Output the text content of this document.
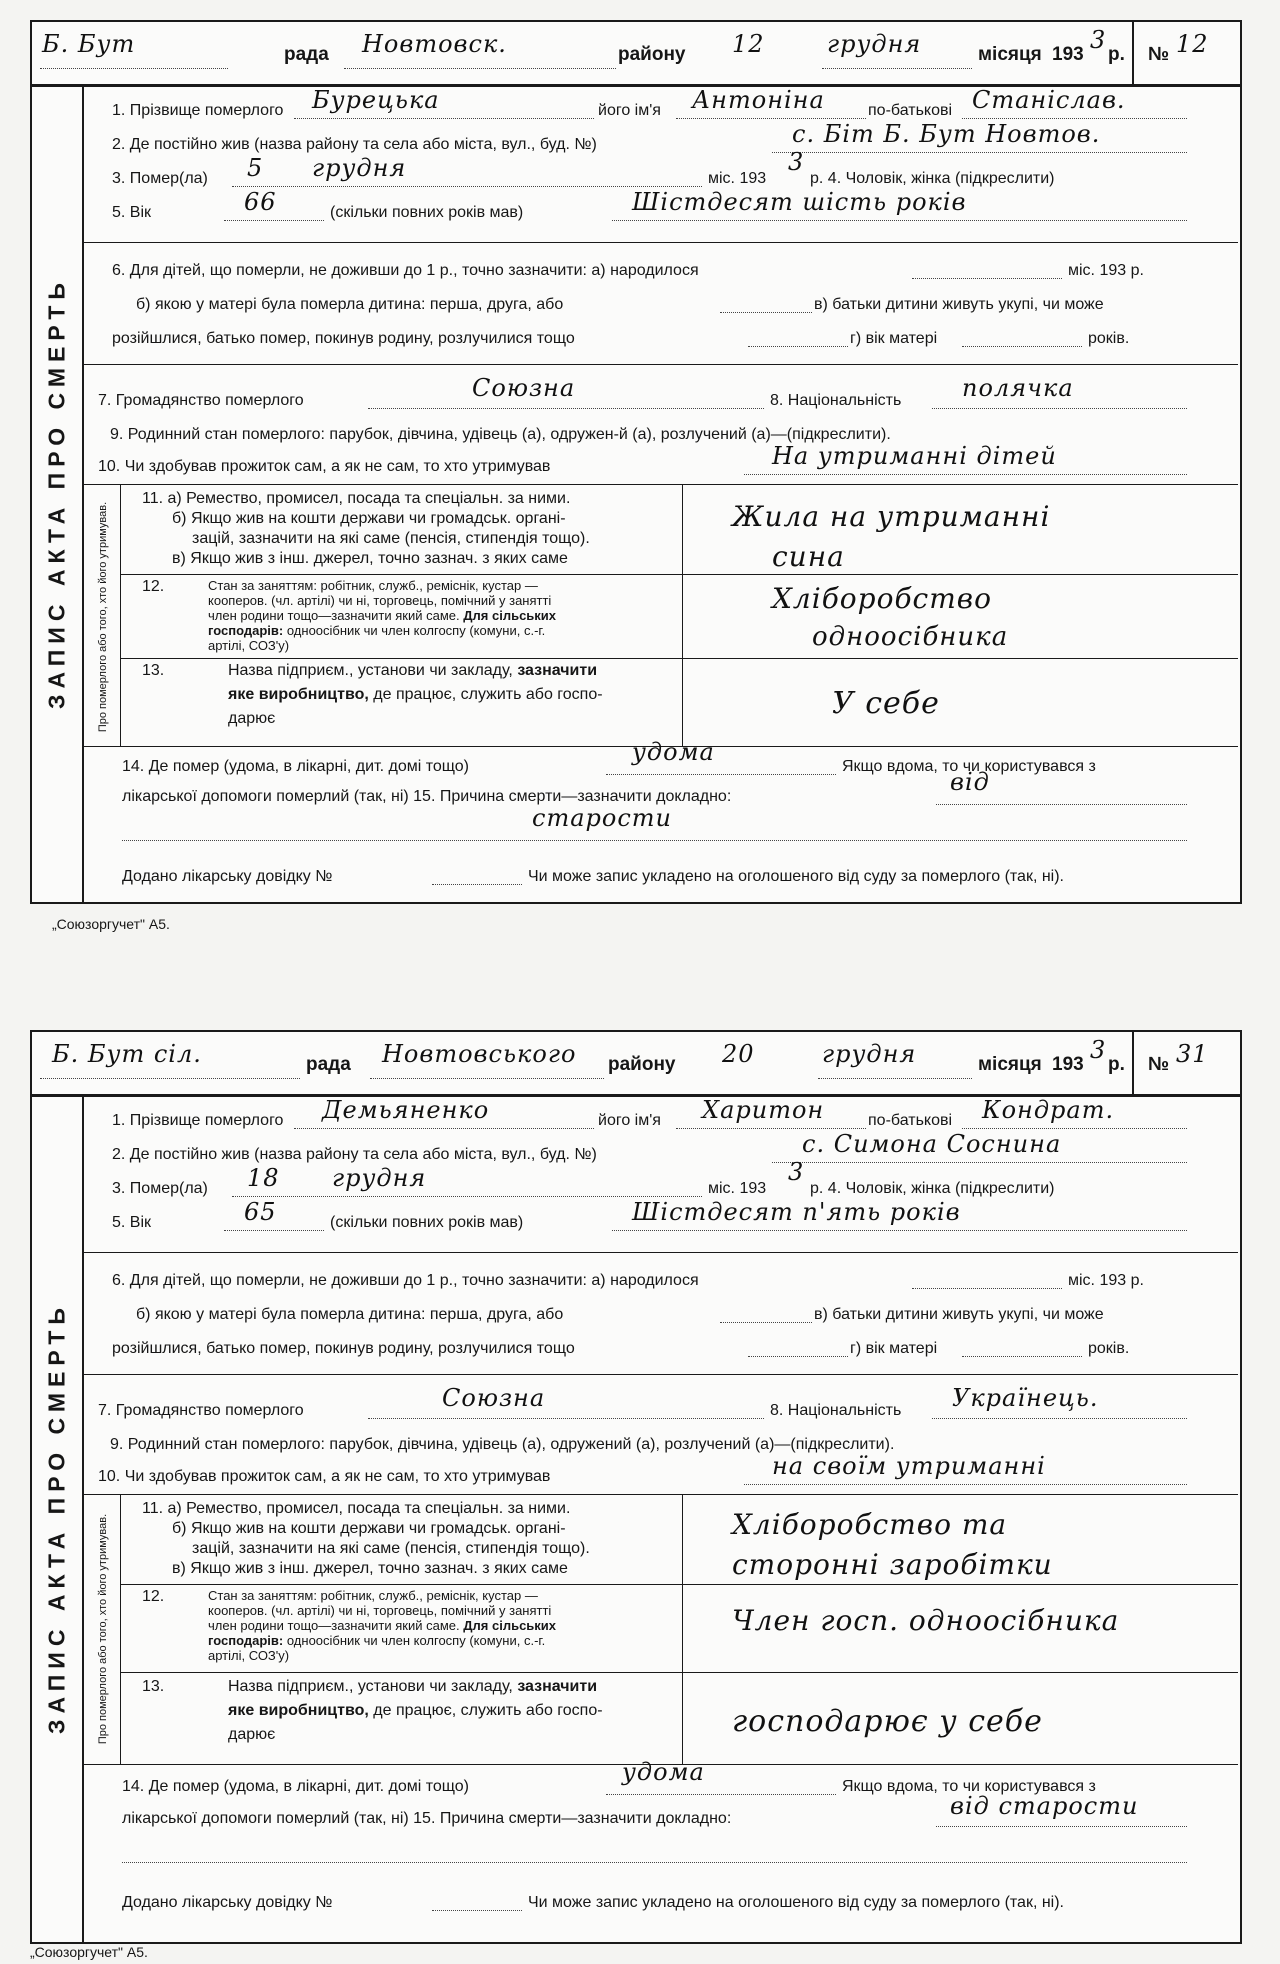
Б. Бут	рада Новтовск.	району 12	грудня	місяця 193
3
р. № 12
ЗАПИС АКТА ПРО СМЕРТЬ
1. Прізвище померлого Бурецька	його ім'я Антоніна	по-батькові Станіслав.
2. Де постійно жив (назва району та села або міста, вул., буд. №)	с. Біт Б. Бут Новтов.
3. Помер(ла) 5 грудня	міс. 193
3
р. 4. Чоловік, жінка (підкреслити)
5. Вік	66	(скільки повних років мав)	Шістдесят шість років
6. Для дітей, що померли, не доживши до 1 р., точно зазначити: а) народилося	міс. 193 р.
б) якою у матері була померла дитина: перша, друга, або	в) батьки дитини живуть укупі, чи може
розійшлися, батько помер, покинув родину, розлучилися тощо	г) вік матері	років.
7. Громадянство померлого	Союзна	8. Національність	полячка
9. Родинний стан померлого: парубок, дівчина, удівець (а), одружен-й (а), розлучений (а)—(підкреслити).
10. Чи здобував прожиток сам, а як не сам, то хто утримував	На утриманні дітей
Про померлого або того, хто його утримував.
11. а) Ремество, промисел, посада та спеціальн. за ними.
б) Якщо жив на кошти держави чи громадськ. органі-
зацій, зазначити на які саме (пенсія, стипендія тощо).
в) Якщо жив з інш. джерел, точно зазнач. з яких саме
Жила на утриманні
сина
12.	Стан за заняттям: робітник, служб., реміснік, кустар —
кооперов. (чл. артілі) чи ні, торговець, помічний у занятті
член родини тощо—зазначити який саме. Для сільських
господарів: одноосібник чи член колгоспу (комуни, с.-г.
артілі, СОЗ'у)
Хліборобство
одноосібника
13.	Назва підприєм., установи чи закладу, зазначити
яке виробництво, де працює, служить або госпо-
дарює	У себе
14. Де помер (удома, в лікарні, дит. домі тощо)
удома
Якщо вдома, то чи користувався з
лікарської допомоги померлий (так, ні) 15. Причина смерти—зазначити докладно:
від
старости
Додано лікарську довідку №	Чи може запис укладено на оголошеного від суду за померлого (так, ні).
„Союзоргучет" А5.
Б. Бут сіл.	рада Новтовського району 20	грудня	місяця 193
3
р. № 31
ЗАПИС АКТА ПРО СМЕРТЬ
1. Прізвище померлого Демьяненко	його ім'я Харитон	по-батькові Кондрат.
2. Де постійно жив (назва району та села або міста, вул., буд. №)	с. Симона Соснина
3. Помер(ла) 18 грудня	міс. 193
3
р. 4. Чоловік, жінка (підкреслити)
5. Вік	65	(скільки повних років мав)	Шістдесят п'ять років
6. Для дітей, що померли, не доживши до 1 р., точно зазначити: а) народилося	міс. 193 р.
б) якою у матері була померла дитина: перша, друга, або	в) батьки дитини живуть укупі, чи може
розійшлися, батько помер, покинув родину, розлучилися тощо	г) вік матері	років.
7. Громадянство померлого	Союзна	8. Національність Українець.
9. Родинний стан померлого: парубок, дівчина, удівець (а), одружений (а), розлучений (а)—(підкреслити).
10. Чи здобував прожиток сам, а як не сам, то хто утримував	на своїм утриманні
Про померлого або того, хто його утримував.
11. а) Ремество, промисел, посада та спеціальн. за ними.
б) Якщо жив на кошти держави чи громадськ. органі-
зацій, зазначити на які саме (пенсія, стипендія тощо).
в) Якщо жив з інш. джерел, точно зазнач. з яких саме
Хліборобство та
сторонні заробітки
12.	Стан за заняттям: робітник, служб., реміснік, кустар —
кооперов. (чл. артілі) чи ні, торговець, помічний у занятті
член родини тощо—зазначити який саме. Для сільських
господарів: одноосібник чи член колгоспу (комуни, с.-г.
артілі, СОЗ'у)
Член госп. одноосібника
13.	Назва підприєм., установи чи закладу, зазначити
яке виробництво, де працює, служить або госпо-
дарює	господарює у себе
14. Де помер (удома, в лікарні, дит. домі тощо)
удома
Якщо вдома, то чи користувався з
лікарської допомоги померлий (так, ні) 15. Причина смерти—зазначити докладно:	від старости
Додано лікарську довідку №	Чи може запис укладено на оголошеного від суду за померлого (так, ні).
„Союзоргучет" А5.
